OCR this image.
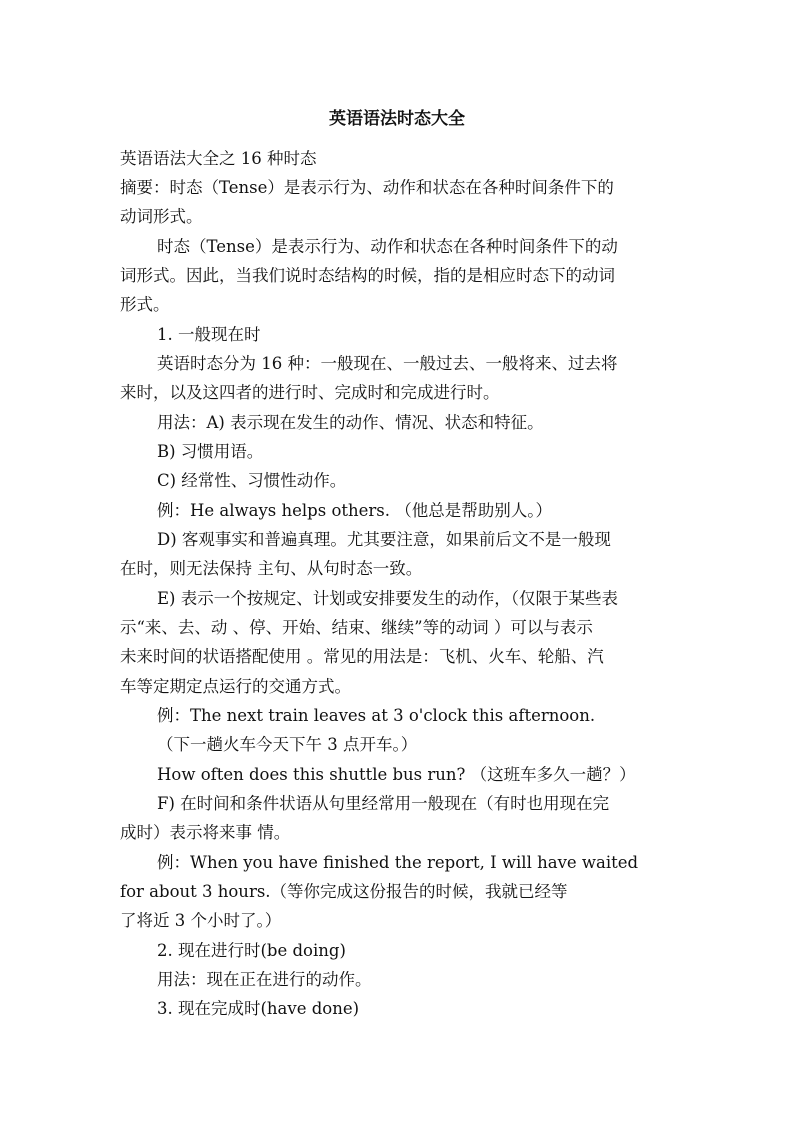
英语语法时态大全
英语语法大全之 16 种时态
摘要：时态（Tense）是表示行为、动作和状态在各种时间条件下的
动词形式。
时态（Tense）是表示行为、动作和状态在各种时间条件下的动
词形式。因此，当我们说时态结构的时候，指的是相应时态下的动词
形式。
1. 一般现在时
英语时态分为 16 种：一般现在、一般过去、一般将来、过去将
来时，以及这四者的进行时、完成时和完成进行时。
用法：A) 表示现在发生的动作、情况、状态和特征。
B) 习惯用语。
C) 经常性、习惯性动作。
例：He always helps others. （他总是帮助别人。）
D) 客观事实和普遍真理。尤其要注意，如果前后文不是一般现
在时，则无法保持 主句、从句时态一致。
E) 表示一个按规定、计划或安排要发生的动作，（仅限于某些表
示“来、去、动 、停、开始、结束、继续”等的动词 ）可以与表示
未来时间的状语搭配使用 。常见的用法是：飞机、火车、轮船、汽
车等定期定点运行的交通方式。
例：The next train leaves at 3 o'clock this afternoon.
（下一趟火车今天下午 3 点开车。）
How often does this shuttle bus run? （这班车多久一趟？）
F) 在时间和条件状语从句里经常用一般现在（有时也用现在完
成时）表示将来事 情。
例：When you have finished the report, I will have waited
for about 3 hours.（等你完成这份报告的时候，我就已经等
了将近 3 个小时了。）
2. 现在进行时(be doing)
用法：现在正在进行的动作。
3. 现在完成时(have done)
